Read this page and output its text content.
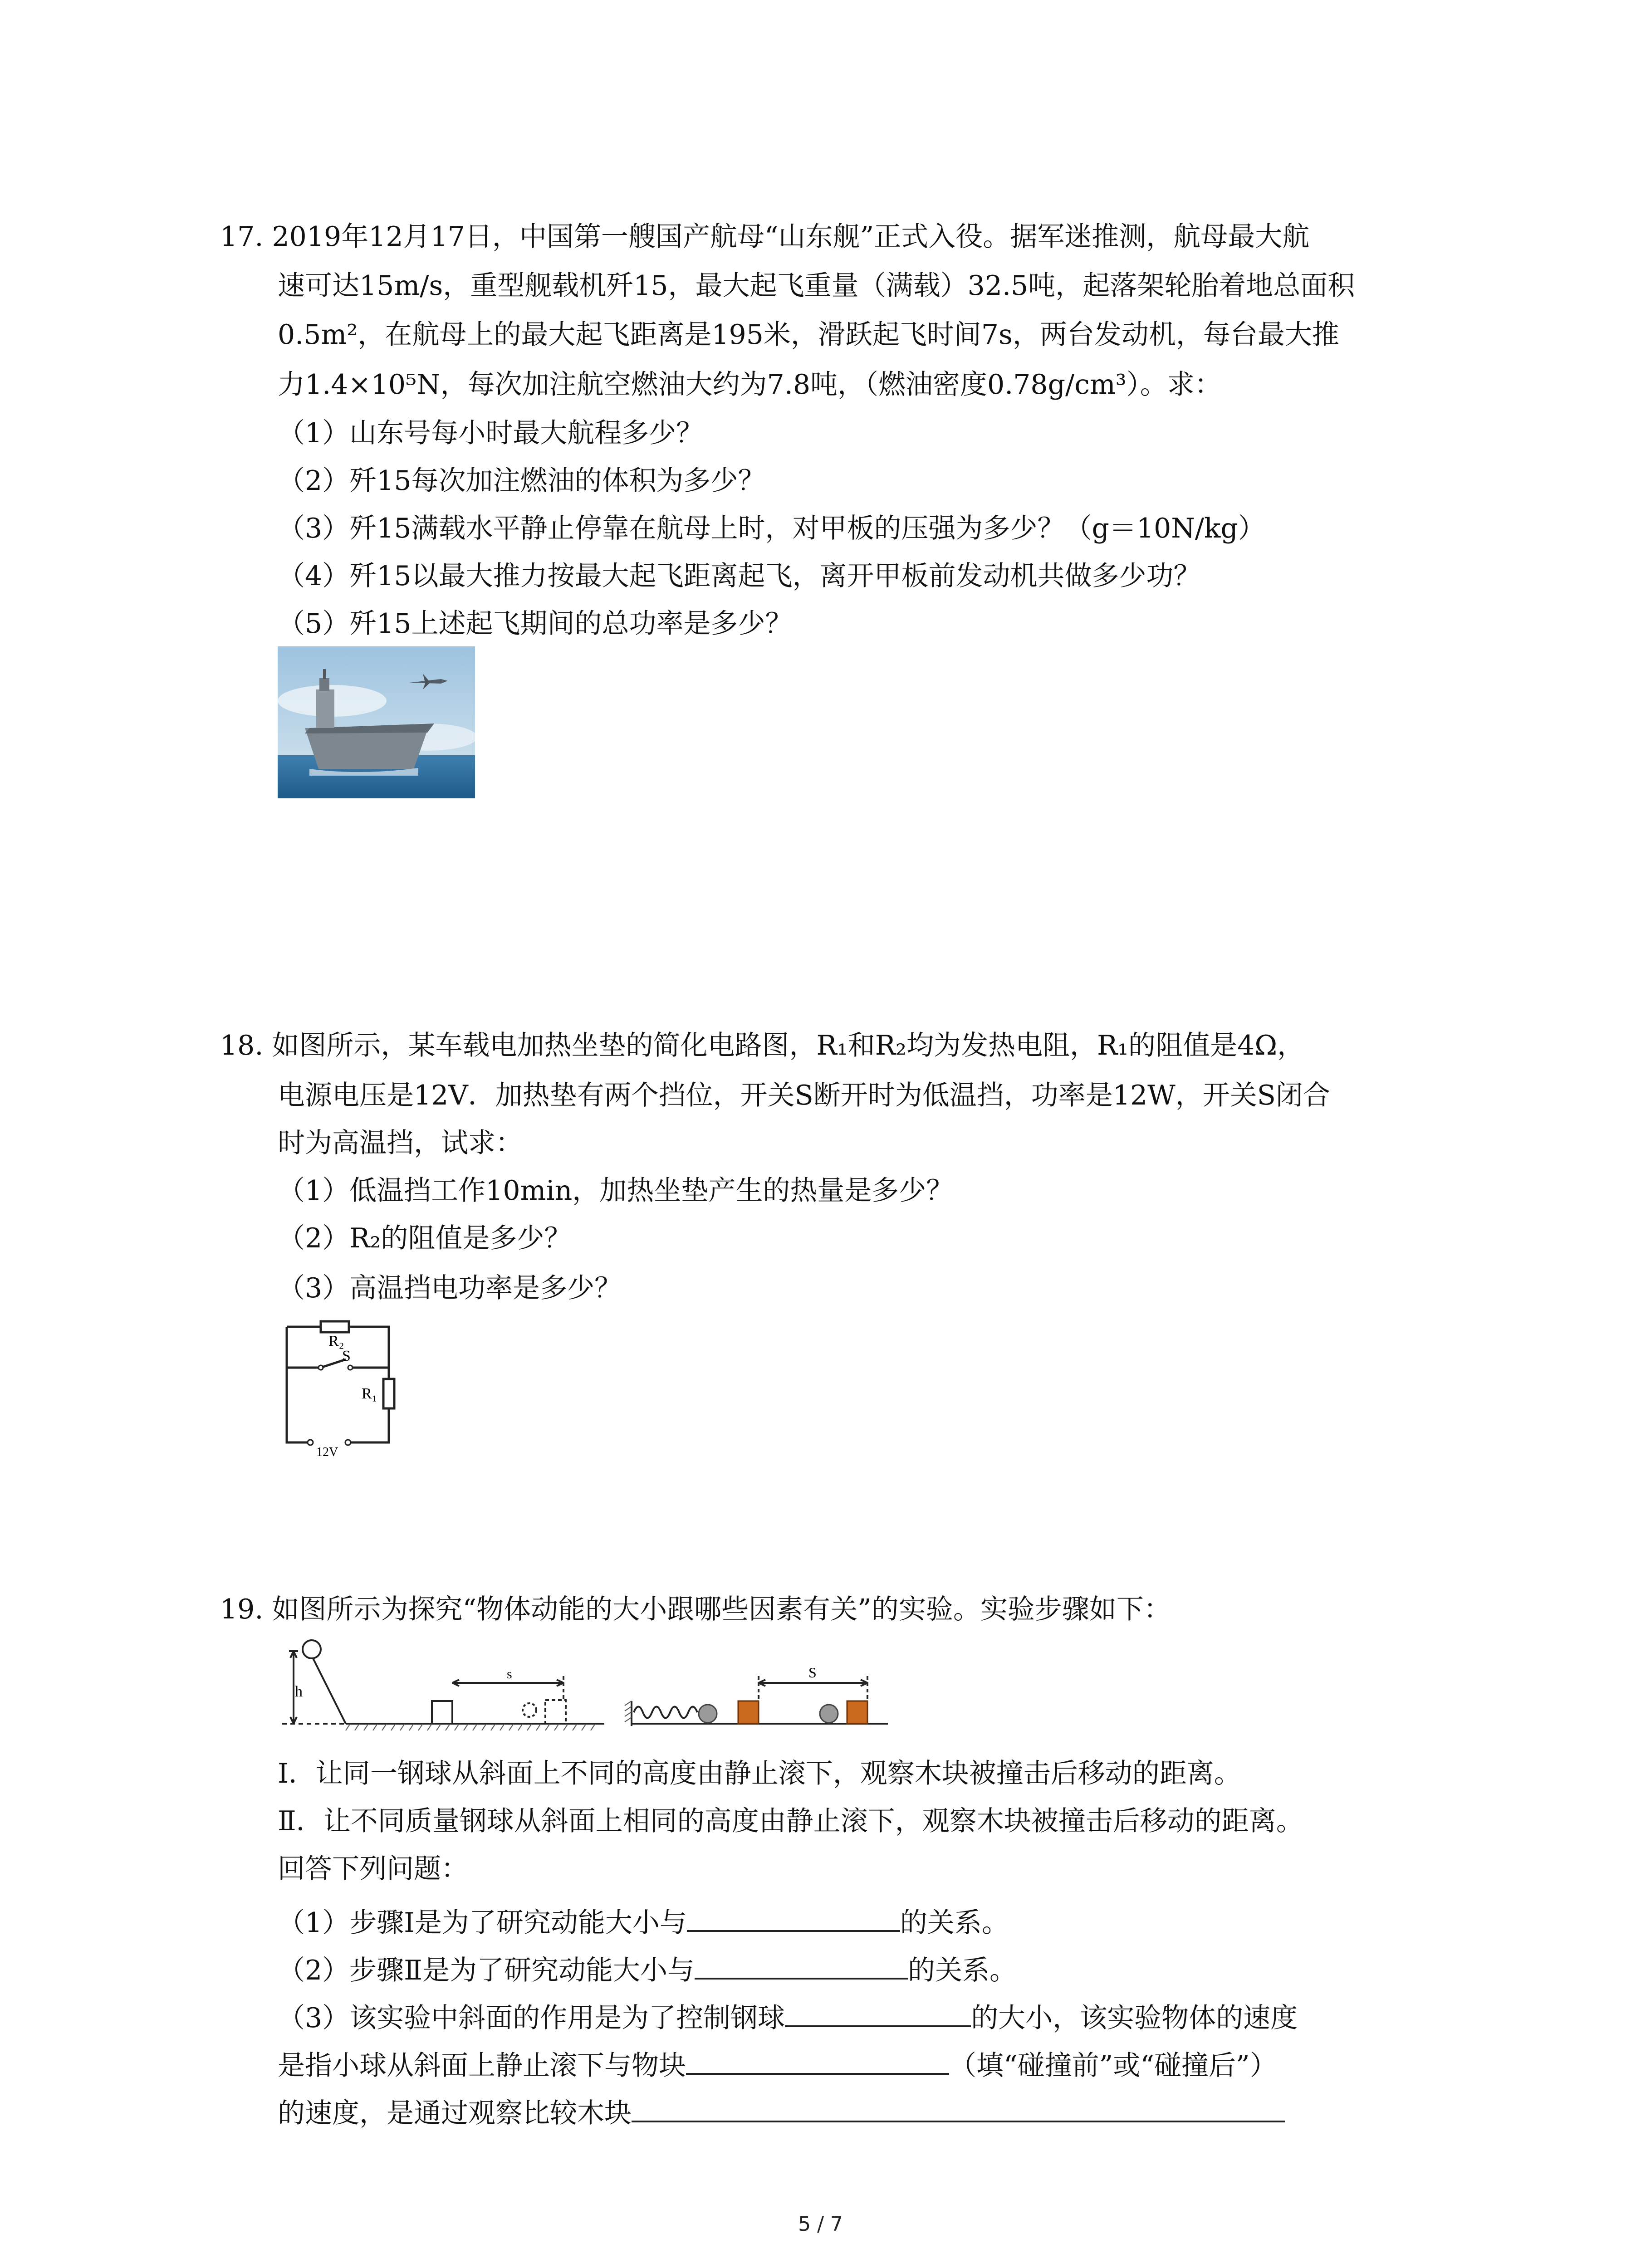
17. 2019年12月17日，中国第一艘国产航母“山东舰”正式入役。据军迷推测，航母最大航
速可达15m/s，重型舰载机歼15，最大起飞重量（满载）32.5吨，起落架轮胎着地总面积
0.5m²，在航母上的最大起飞距离是195米，滑跃起飞时间7s，两台发动机，每台最大推
力1.4×10⁵N，每次加注航空燃油大约为7.8吨，（燃油密度0.78g/cm³）。求：
（1）山东号每小时最大航程多少？
（2）歼15每次加注燃油的体积为多少？
（3）歼15满载水平静止停靠在航母上时，对甲板的压强为多少？（g＝10N/kg）
（4）歼15以最大推力按最大起飞距离起飞，离开甲板前发动机共做多少功？
（5）歼15上述起飞期间的总功率是多少？
18. 如图所示，某车载电加热坐垫的简化电路图，R₁和R₂均为发热电阻，R₁的阻值是4Ω，
电源电压是12V．加热垫有两个挡位，开关S断开时为低温挡，功率是12W，开关S闭合
时为高温挡，试求：
（1）低温挡工作10min，加热坐垫产生的热量是多少？
（2）R₂的阻值是多少？
（3）高温挡电功率是多少？
R₂
S
R₁
12V
19. 如图所示为探究“物体动能的大小跟哪些因素有关”的实验。实验步骤如下：
h
s	S
Ⅰ．让同一钢球从斜面上不同的高度由静止滚下，观察木块被撞击后移动的距离。
Ⅱ．让不同质量钢球从斜面上相同的高度由静止滚下，观察木块被撞击后移动的距离。
回答下列问题：
（1）步骤Ⅰ是为了研究动能大小与	的关系。
（2）步骤Ⅱ是为了研究动能大小与	的关系。
（3）该实验中斜面的作用是为了控制钢球	的大小，该实验物体的速度
是指小球从斜面上静止滚下与物块	（填“碰撞前”或“碰撞后”）
的速度，是通过观察比较木块
5 / 7
